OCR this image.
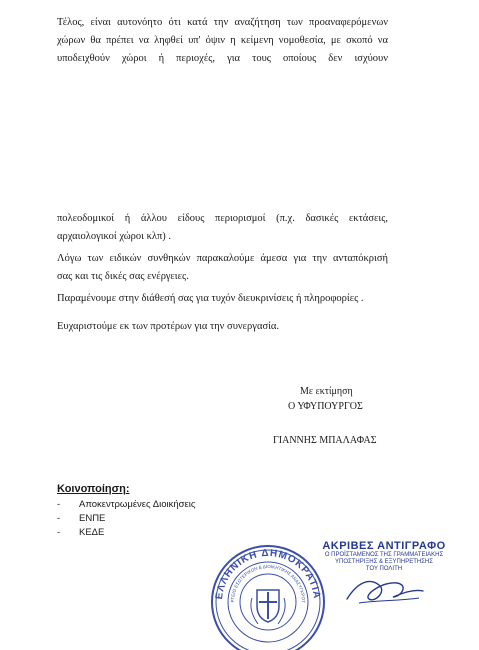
Τέλος, είναι αυτονόητο ότι κατά την αναζήτηση των προαναφερόμενων
χώρων θα πρέπει να ληφθεί υπ' όψιν η κείμενη νομοθεσία, με σκοπό να
υποδειχθούν χώροι ή περιοχές, για τους οποίους δεν ισχύουν

πολεοδομικοί ή άλλου είδους περιορισμοί (π.χ. δασικές εκτάσεις,
αρχαιολογικοί χώροι κλπ) .

Λόγω των ειδικών συνθηκών παρακαλούμε άμεσα για την ανταπόκρισή
σας και τις δικές σας ενέργειες.

Παραμένουμε στην διάθεσή σας για τυχόν διευκρινίσεις ή πληροφορίες .

Ευχαριστούμε εκ των προτέρων για την συνεργασία.

Με εκτίμηση
Ο ΥΦΥΠΟΥΡΓΟΣ
ΓΙΑΝΝΗΣ ΜΠΑΛΑΦΑΣ
Κοινοποίηση:
-	Αποκεντρωμένες Διοικήσεις
-	ΕΝΠΕ
-	ΚΕΔΕ
ΕΛΛΗΝΙΚΗ ΔΗΜΟΚΡΑΤΙΑ
ΡΓΕΙΟ ΕΣΩΤΕΡΙΚΩΝ & ΔΙΟΙΚΗΤΙΚΗΣ ΑΝΑΣΥΓΚΡΟΤ
ΑΚΡΙΒΕΣ ΑΝΤΙΓΡΑΦΟ
Ο ΠΡΟΪΣΤΑΜΕΝΟΣ ΤΗΣ ΓΡΑΜΜΑΤΕΙΑΚΗΣ
ΥΠΟΣΤΗΡΙΞΗΣ & ΕΞΥΠΗΡΕΤΗΣΗΣ
ΤΟΥ ΠΟΛΙΤΗ
